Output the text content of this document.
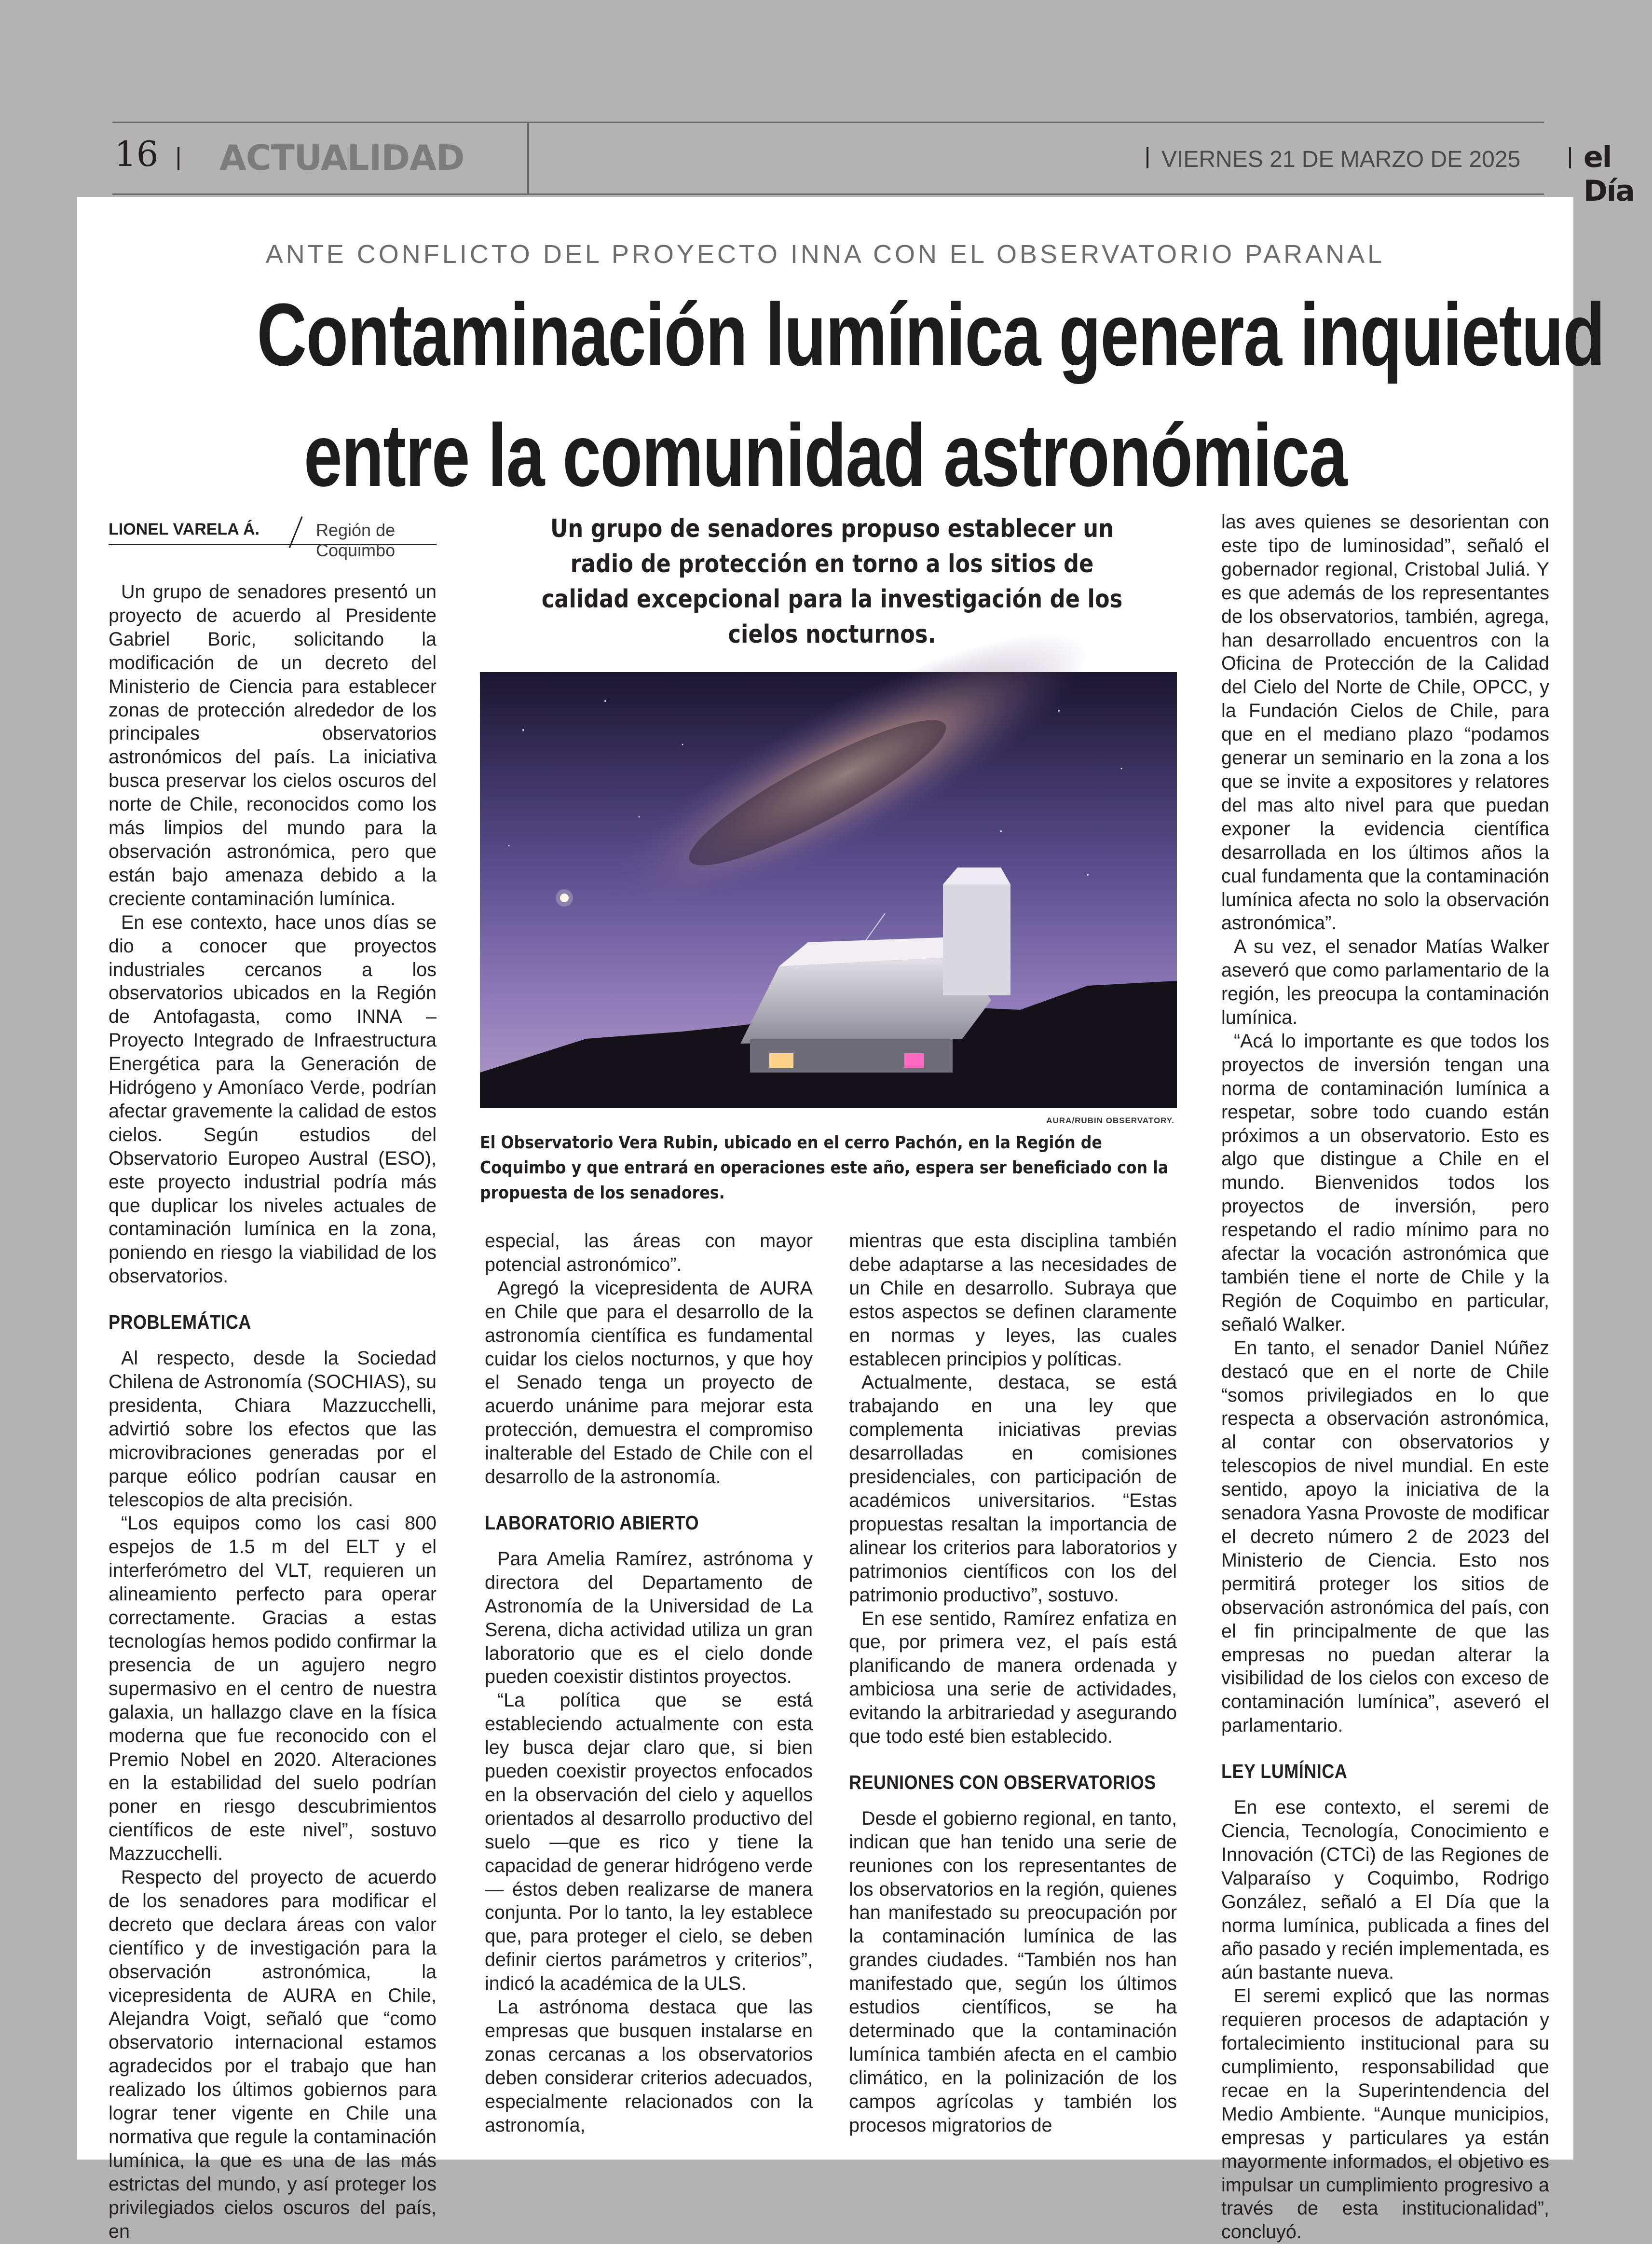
16 ACTUALIDAD	VIERNES 21 DE MARZO DE 2025 el Día
ANTE CONFLICTO DEL PROYECTO INNA CON EL OBSERVATORIO PARANAL
Contaminación lumínica genera inquietud
entre la comunidad astronómica
LIONEL VARELA Á.	Región de Coquimbo

Un grupo de senadores presentó un proyecto de acuerdo al Presidente Gabriel Boric, solicitando la modificación de un decreto del Ministerio de Ciencia para establecer zonas de protección alrededor de los principales observatorios astronómicos del país. La iniciativa busca preservar los cielos oscuros del norte de Chile, reconocidos como los más limpios del mundo para la observación astronómica, pero que están bajo amenaza debido a la creciente contaminación lumínica.

En ese contexto, hace unos días se dio a conocer que proyectos industriales cercanos a los observatorios ubicados en la Región de Antofagasta, como INNA – Proyecto Integrado de Infraestructura Energética para la Generación de Hidrógeno y Amoníaco Verde, podrían afectar gravemente la calidad de estos cielos. Según estudios del Observatorio Europeo Austral (ESO), este proyecto industrial podría más que duplicar los niveles actuales de contaminación lumínica en la zona, poniendo en riesgo la viabilidad de los observatorios.

PROBLEMÁTICA

Al respecto, desde la Sociedad Chilena de Astronomía (SOCHIAS), su presidenta, Chiara Mazzucchelli, advirtió sobre los efectos que las microvibraciones generadas por el parque eólico podrían causar en telescopios de alta precisión.

“Los equipos como los casi 800 espejos de 1.5 m del ELT y el interferómetro del VLT, requieren un alineamiento perfecto para operar correctamente. Gracias a estas tecnologías hemos podido confirmar la presencia de un agujero negro supermasivo en el centro de nuestra galaxia, un hallazgo clave en la física moderna que fue reconocido con el Premio Nobel en 2020. Alteraciones en la estabilidad del suelo podrían poner en riesgo descubrimientos científicos de este nivel”, sostuvo Mazzucchelli.

Respecto del proyecto de acuerdo de los senadores para modificar el decreto que declara áreas con valor científico y de investigación para la observación astronómica, la vicepresidenta de AURA en Chile, Alejandra Voigt, señaló que “como observatorio internacional estamos agradecidos por el trabajo que han realizado los últimos gobiernos para lograr tener vigente en Chile una normativa que regule la contaminación lumínica, la que es una de las más estrictas del mundo, y así proteger los privilegiados cielos oscuros del país, en

Un grupo de senadores propuso establecer un radio de protección en torno a los sitios de calidad excepcional para la investigación de los cielos nocturnos.
AURA/RUBIN OBSERVATORY.
El Observatorio Vera Rubin, ubicado en el cerro Pachón, en la Región de Coquimbo y que entrará en operaciones este año, espera ser beneficiado con la propuesta de los senadores.

especial, las áreas con mayor potencial astronómico”.

Agregó la vicepresidenta de AURA en Chile que para el desarrollo de la astronomía científica es fundamental cuidar los cielos nocturnos, y que hoy el Senado tenga un proyecto de acuerdo unánime para mejorar esta protección, demuestra el compromiso inalterable del Estado de Chile con el desarrollo de la astronomía.

LABORATORIO ABIERTO

Para Amelia Ramírez, astrónoma y directora del Departamento de Astronomía de la Universidad de La Serena, dicha actividad utiliza un gran laboratorio que es el cielo donde pueden coexistir distintos proyectos.

“La política que se está estableciendo actualmente con esta ley busca dejar claro que, si bien pueden coexistir proyectos enfocados en la observación del cielo y aquellos orientados al desarrollo productivo del suelo —que es rico y tiene la capacidad de generar hidrógeno verde— éstos deben realizarse de manera conjunta. Por lo tanto, la ley establece que, para proteger el cielo, se deben definir ciertos parámetros y criterios”, indicó la académica de la ULS.

La astrónoma destaca que las empresas que busquen instalarse en zonas cercanas a los observatorios deben considerar criterios adecuados, especialmente relacionados con la astronomía,

mientras que esta disciplina también debe adaptarse a las necesidades de un Chile en desarrollo. Subraya que estos aspectos se definen claramente en normas y leyes, las cuales establecen principios y políticas.

Actualmente, destaca, se está trabajando en una ley que complementa iniciativas previas desarrolladas en comisiones presidenciales, con participación de académicos universitarios. “Estas propuestas resaltan la importancia de alinear los criterios para laboratorios y patrimonios científicos con los del patrimonio productivo”, sostuvo.

En ese sentido, Ramírez enfatiza en que, por primera vez, el país está planificando de manera ordenada y ambiciosa una serie de actividades, evitando la arbitrariedad y asegurando que todo esté bien establecido.

REUNIONES CON OBSERVATORIOS

Desde el gobierno regional, en tanto, indican que han tenido una serie de reuniones con los representantes de los observatorios en la región, quienes han manifestado su preocupación por la contaminación lumínica de las grandes ciudades. “También nos han manifestado que, según los últimos estudios científicos, se ha determinado que la contaminación lumínica también afecta en el cambio climático, en la polinización de los campos agrícolas y también los procesos migratorios de

las aves quienes se desorientan con este tipo de luminosidad”, señaló el gobernador regional, Cristobal Juliá. Y es que además de los representantes de los observatorios, también, agrega, han desarrollado encuentros con la Oficina de Protección de la Calidad del Cielo del Norte de Chile, OPCC, y la Fundación Cielos de Chile, para que en el mediano plazo “podamos generar un seminario en la zona a los que se invite a expositores y relatores del mas alto nivel para que puedan exponer la evidencia científica desarrollada en los últimos años la cual fundamenta que la contaminación lumínica afecta no solo la observación astronómica”.

A su vez, el senador Matías Walker aseveró que como parlamentario de la región, les preocupa la contaminación lumínica.

“Acá lo importante es que todos los proyectos de inversión tengan una norma de contaminación lumínica a respetar, sobre todo cuando están próximos a un observatorio. Esto es algo que distingue a Chile en el mundo. Bienvenidos todos los proyectos de inversión, pero respetando el radio mínimo para no afectar la vocación astronómica que también tiene el norte de Chile y la Región de Coquimbo en particular, señaló Walker.

En tanto, el senador Daniel Núñez destacó que en el norte de Chile “somos privilegiados en lo que respecta a observación astronómica, al contar con observatorios y telescopios de nivel mundial. En este sentido, apoyo la iniciativa de la senadora Yasna Provoste de modificar el decreto número 2 de 2023 del Ministerio de Ciencia. Esto nos permitirá proteger los sitios de observación astronómica del país, con el fin principalmente de que las empresas no puedan alterar la visibilidad de los cielos con exceso de contaminación lumínica”, aseveró el parlamentario.

LEY LUMÍNICA

En ese contexto, el seremi de Ciencia, Tecnología, Conocimiento e Innovación (CTCi) de las Regiones de Valparaíso y Coquimbo, Rodrigo González, señaló a El Día que la norma lumínica, publicada a fines del año pasado y recién implementada, es aún bastante nueva.

El seremi explicó que las normas requieren procesos de adaptación y fortalecimiento institucional para su cumplimiento, responsabilidad que recae en la Superintendencia del Medio Ambiente. “Aunque municipios, empresas y particulares ya están mayormente informados, el objetivo es impulsar un cumplimiento progresivo a través de esta institucionalidad”, concluyó.
